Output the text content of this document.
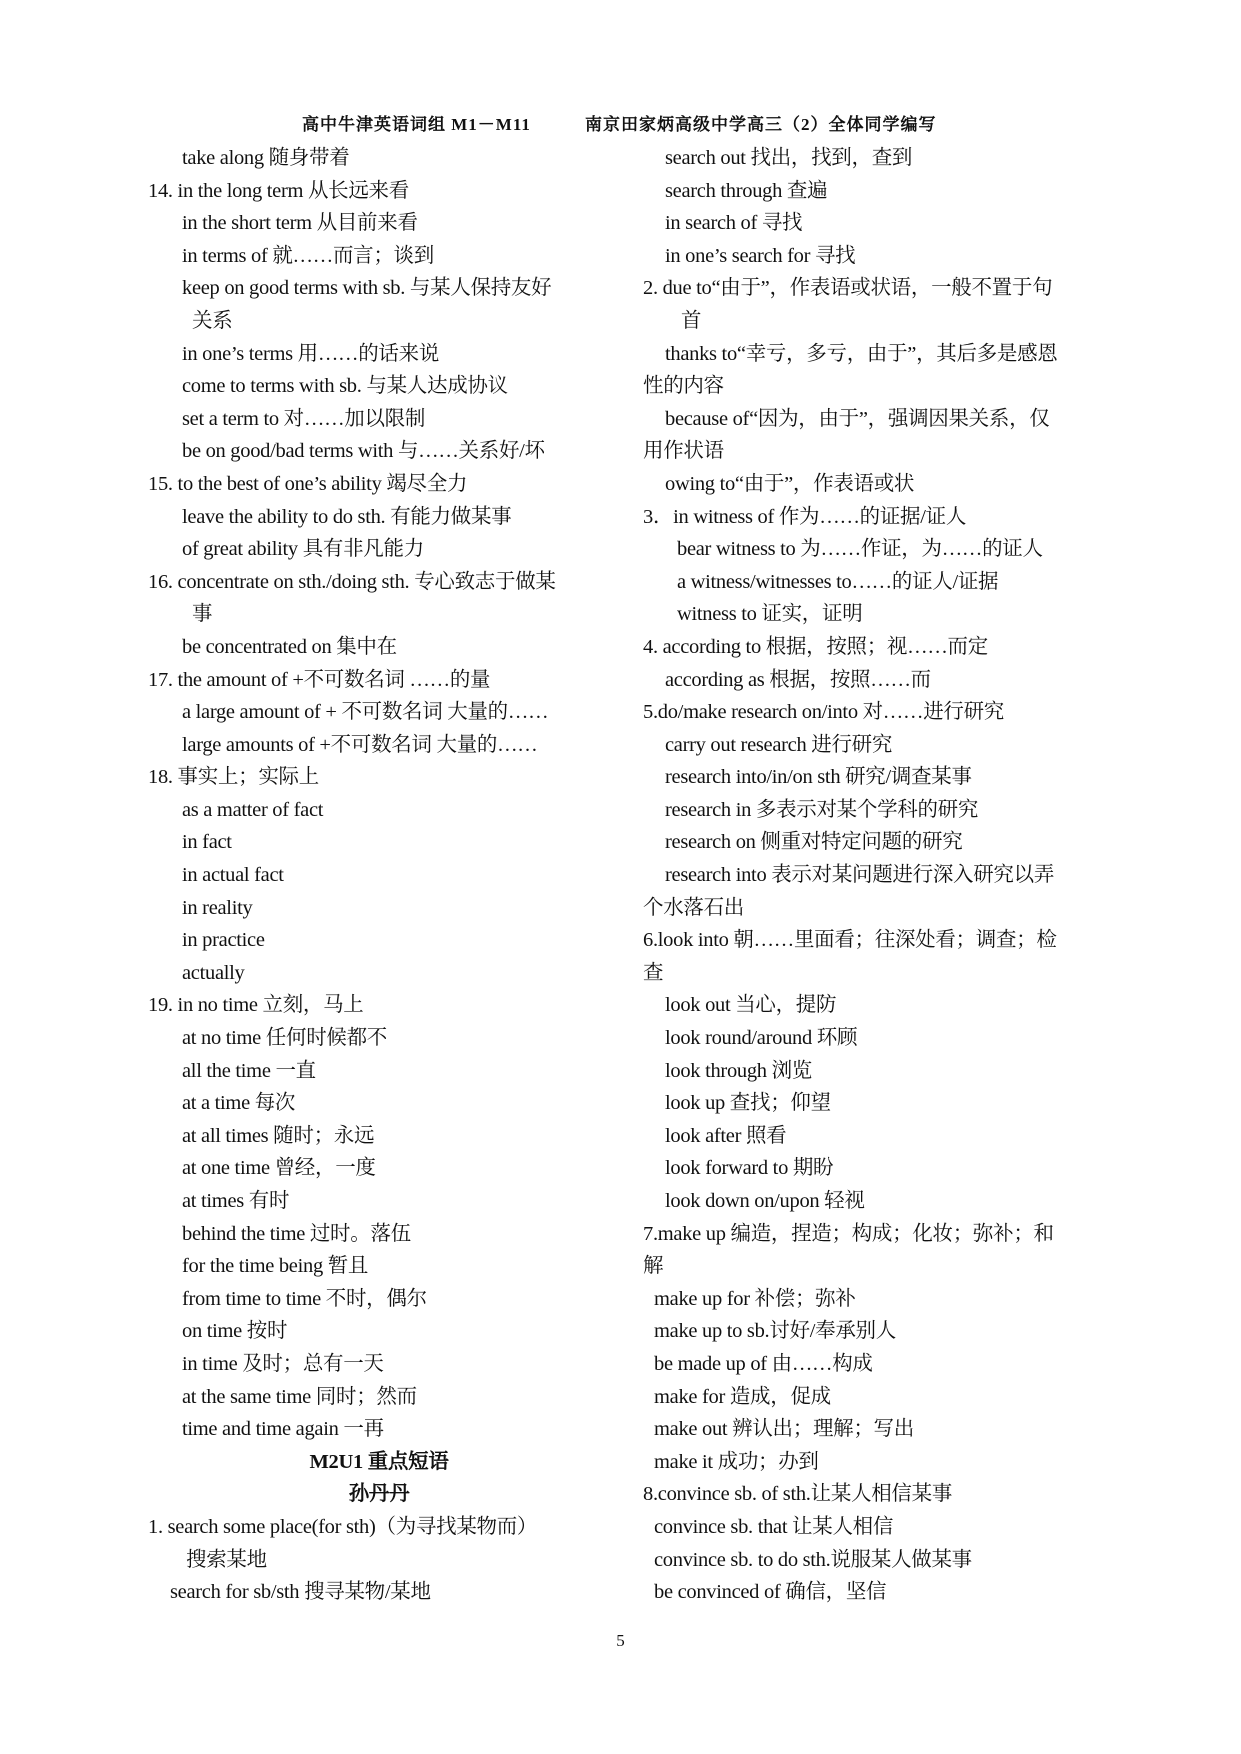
高中牛津英语词组 M1－M11	南京田家炳高级中学高三（2）全体同学编写
take along 随身带着
14. in the long term 从长远来看
in the short term 从目前来看
in terms of 就……而言；谈到
keep on good terms with sb. 与某人保持友好
关系
in one’s terms 用……的话来说
come to terms with sb. 与某人达成协议
set a term to 对……加以限制
be on good/bad terms with 与……关系好/坏
15. to the best of one’s ability 竭尽全力
leave the ability to do sth. 有能力做某事
of great ability 具有非凡能力
16. concentrate on sth./doing sth. 专心致志于做某
事
be concentrated on 集中在
17. the amount of +不可数名词 ……的量
a large amount of + 不可数名词 大量的……
large amounts of +不可数名词 大量的……
18. 事实上；实际上
as a matter of fact
in fact
in actual fact
in reality
in practice
actually
19. in no time 立刻，马上
at no time 任何时候都不
all the time 一直
at a time 每次
at all times 随时；永远
at one time 曾经，一度
at times 有时
behind the time 过时。落伍
for the time being 暂且
from time to time 不时，偶尔
on time 按时
in time 及时；总有一天
at the same time 同时；然而
time and time again 一再
M2U1 重点短语
孙丹丹
1. search some place(for sth)（为寻找某物而）
搜索某地
search for sb/sth 搜寻某物/某地
search out 找出，找到，查到
search through 查遍
in search of 寻找
in one’s search for 寻找
2. due to“由于”，作表语或状语，一般不置于句
首
thanks to“幸亏，多亏，由于”，其后多是感恩
性的内容
because of“因为，由于”，强调因果关系，仅
用作状语
owing to“由于”，作表语或状
3．in witness of 作为……的证据/证人
bear witness to 为……作证，为……的证人
a witness/witnesses to……的证人/证据
witness to 证实，证明
4. according to 根据，按照；视……而定
according as 根据，按照……而
5.do/make research on/into 对……进行研究
carry out research 进行研究
research into/in/on sth 研究/调查某事
research in 多表示对某个学科的研究
research on 侧重对特定问题的研究
research into 表示对某问题进行深入研究以弄
个水落石出
6.look into 朝……里面看；往深处看；调查；检
查
look out 当心，提防
look round/around 环顾
look through 浏览
look up 查找；仰望
look after 照看
look forward to 期盼
look down on/upon 轻视
7.make up 编造，捏造；构成；化妆；弥补；和
解
make up for 补偿；弥补
make up to sb.讨好/奉承别人
be made up of 由……构成
make for 造成，促成
make out 辨认出；理解；写出
make it 成功；办到
8.convince sb. of sth.让某人相信某事
convince sb. that 让某人相信
convince sb. to do sth.说服某人做某事
be convinced of 确信，坚信
5
